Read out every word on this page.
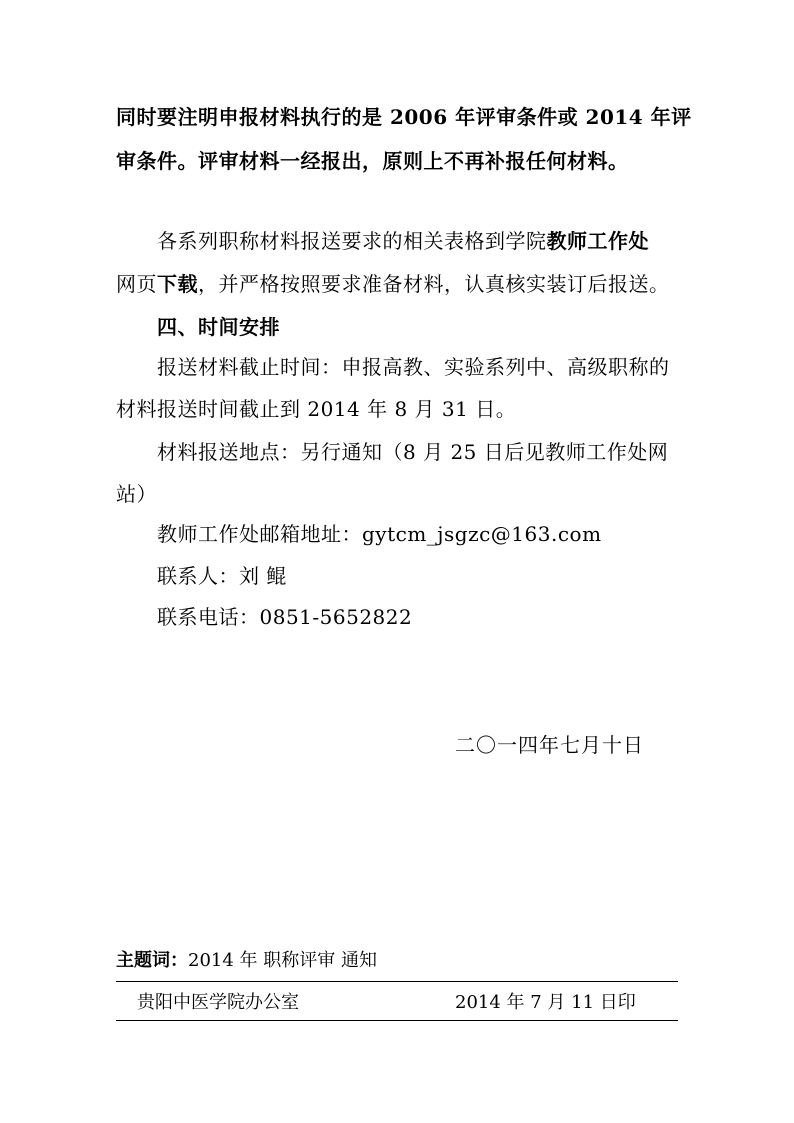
同时要注明申报材料执行的是 2006 年评审条件或 2014 年评
审条件。评审材料一经报出，原则上不再补报任何材料。
各系列职称材料报送要求的相关表格到学院教师工作处
网页下载，并严格按照要求准备材料，认真核实装订后报送。
四、时间安排
报送材料截止时间：申报高教、实验系列中、高级职称的
材料报送时间截止到 2014 年 8 月 31 日。
材料报送地点：另行通知（8 月 25 日后见教师工作处网
站）
教师工作处邮箱地址：gytcm_jsgzc@163.com
联系人：刘 鲲
联系电话：0851-5652822
二〇一四年七月十日
主题词：2014 年 职称评审 通知
贵阳中医学院办公室	2014 年 7 月 11 日印
